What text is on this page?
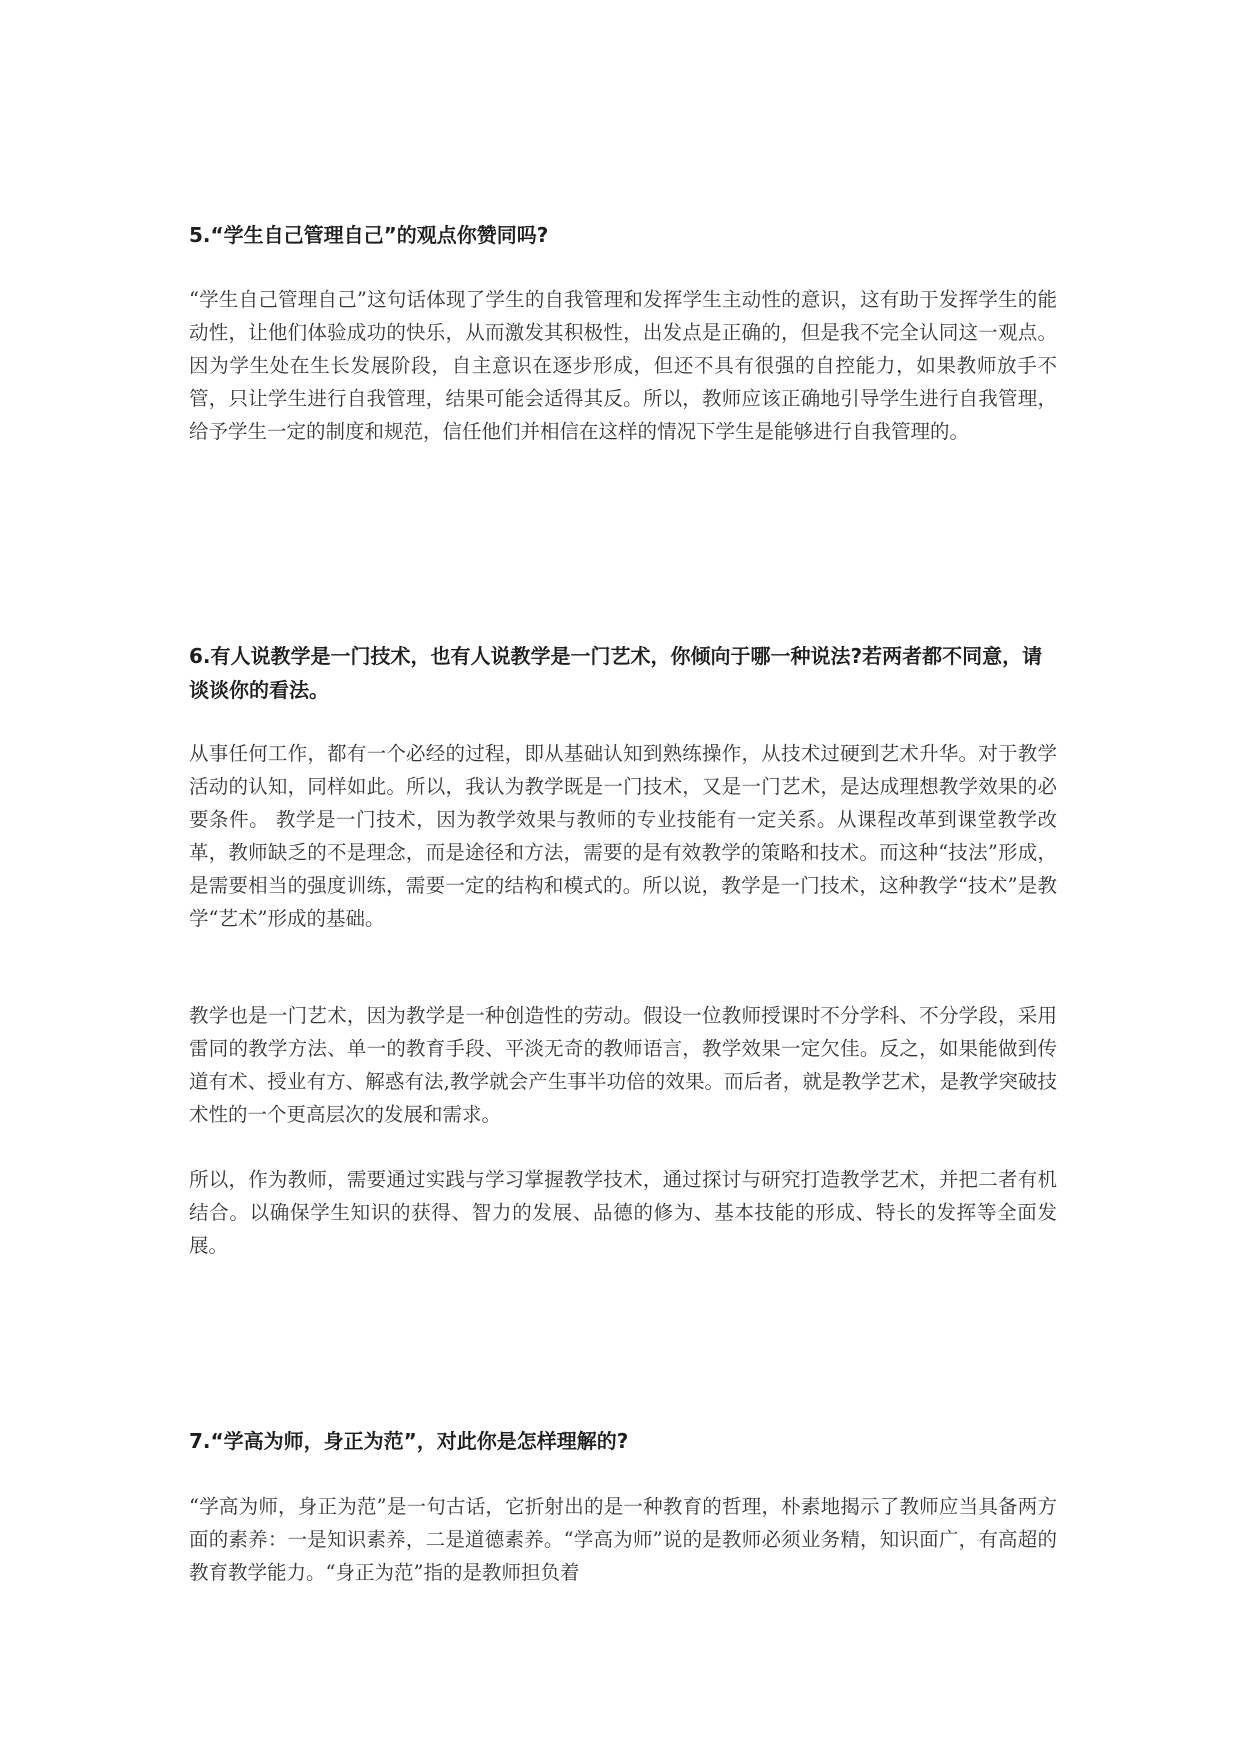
5.“学生自己管理自己”的观点你赞同吗?

“学生自己管理自己”这句话体现了学生的自我管理和发挥学生主动性的意识，这有助于发挥学生的能动性，让他们体验成功的快乐，从而激发其积极性，出发点是正确的，但是我不完全认同这一观点。 因为学生处在生长发展阶段，自主意识在逐步形成，但还不具有很强的自控能力，如果教师放手不管，只让学生进行自我管理，结果可能会适得其反。所以，教师应该正确地引导学生进行自我管理，给予学生一定的制度和规范，信任他们并相信在这样的情况下学生是能够进行自我管理的。

6.有人说教学是一门技术，也有人说教学是一门艺术，你倾向于哪一种说法?若两者都不同意，请谈谈你的看法。

从事任何工作，都有一个必经的过程，即从基础认知到熟练操作，从技术过硬到艺术升华。对于教学活动的认知，同样如此。所以，我认为教学既是一门技术，又是一门艺术，是达成理想教学效果的必要条件。 教学是一门技术，因为教学效果与教师的专业技能有一定关系。从课程改革到课堂教学改革，教师缺乏的不是理念，而是途径和方法，需要的是有效教学的策略和技术。而这种“技法”形成，是需要相当的强度训练，需要一定的结构和模式的。所以说，教学是一门技术，这种教学“技术”是教学“艺术”形成的基础。

教学也是一门艺术，因为教学是一种创造性的劳动。假设一位教师授课时不分学科、不分学段，采用雷同的教学方法、单一的教育手段、平淡无奇的教师语言，教学效果一定欠佳。反之，如果能做到传道有术、授业有方、解惑有法,教学就会产生事半功倍的效果。而后者，就是教学艺术，是教学突破技术性的一个更高层次的发展和需求。

所以，作为教师，需要通过实践与学习掌握教学技术，通过探讨与研究打造教学艺术，并把二者有机结合。以确保学生知识的获得、智力的发展、品德的修为、基本技能的形成、特长的发挥等全面发展。

7.“学高为师，身正为范”，对此你是怎样理解的?

“学高为师，身正为范”是一句古话，它折射出的是一种教育的哲理，朴素地揭示了教师应当具备两方面的素养：一是知识素养，二是道德素养。“学高为师”说的是教师必须业务精，知识面广，有高超的教育教学能力。“身正为范”指的是教师担负着
